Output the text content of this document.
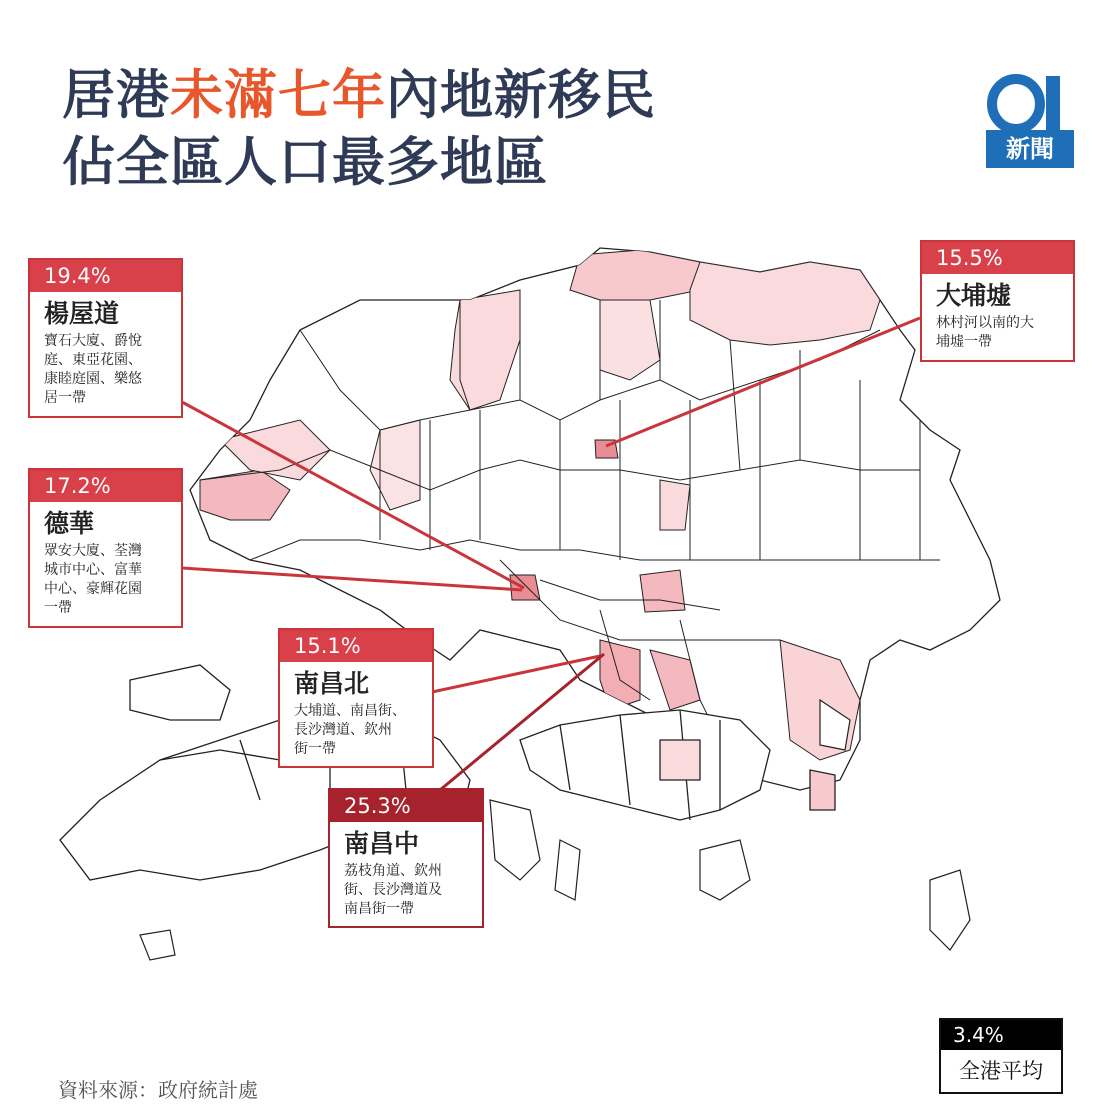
居港未滿七年內地新移民
佔全區人口最多地區	新聞
19.4%
楊屋道
寶石大廈、爵悅
庭、東亞花園、
康睦庭園、樂悠
居一帶
17.2%
德華
眾安大廈、荃灣
城市中心、富華
中心、豪輝花園
一帶
15.1%
南昌北
大埔道、南昌街、
長沙灣道、欽州
街一帶
25.3%
南昌中
荔枝角道、欽州
街、長沙灣道及
南昌街一帶
15.5%
大埔墟
林村河以南的大
埔墟一帶
3.4%
全港平均
資料來源：政府統計處
